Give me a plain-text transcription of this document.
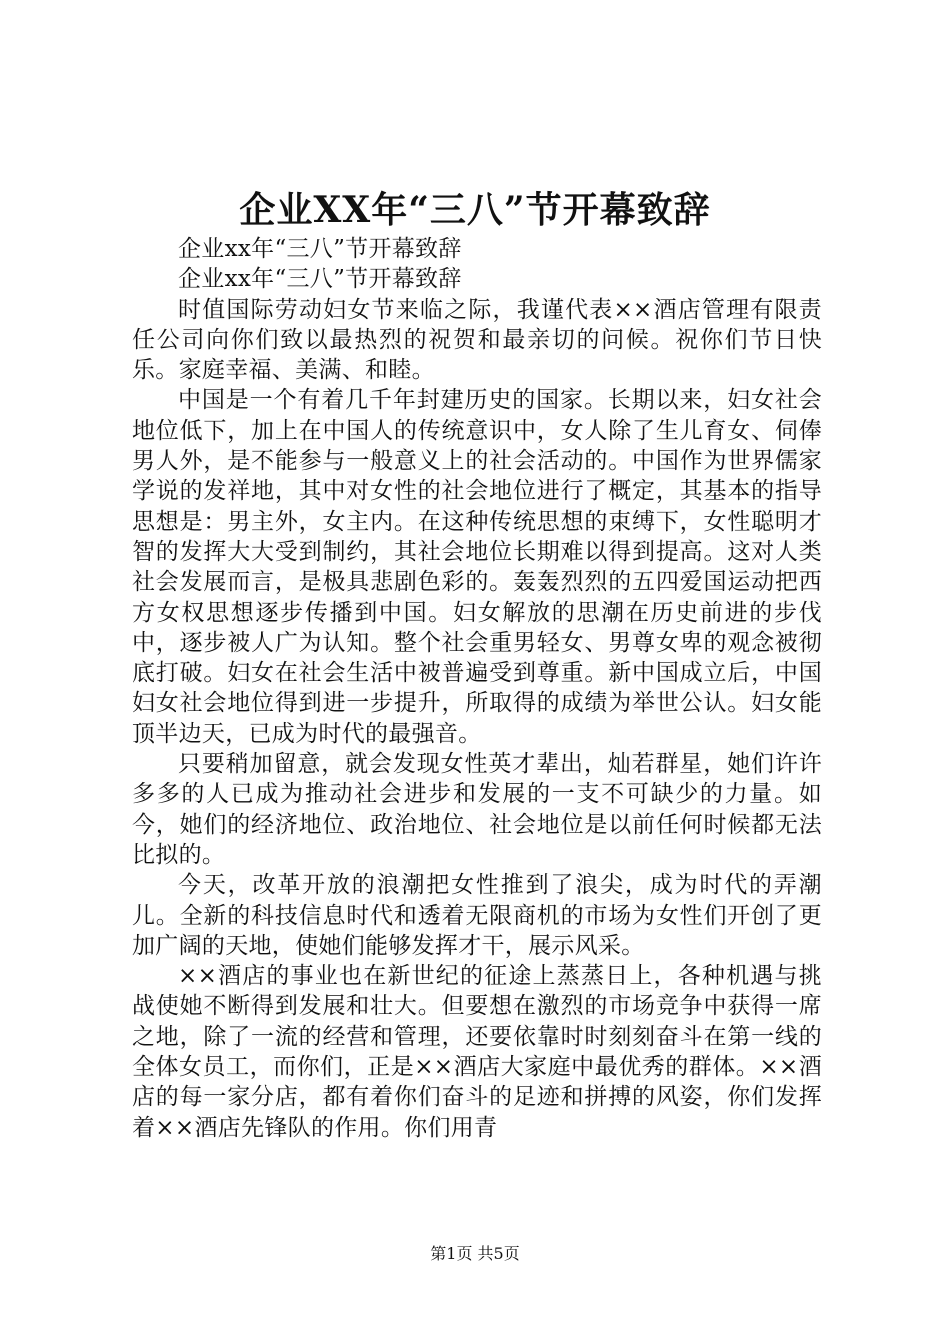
企业XX年“三八”节开幕致辞

企业xx年“三八”节开幕致辞

企业xx年“三八”节开幕致辞

时值国际劳动妇女节来临之际，我谨代表××酒店管理有限责任公司向你们致以最热烈的祝贺和最亲切的问候。祝你们节日快乐。家庭幸福、美满、和睦。

中国是一个有着几千年封建历史的国家。长期以来，妇女社会地位低下，加上在中国人的传统意识中，女人除了生儿育女、伺俸男人外，是不能参与一般意义上的社会活动的。中国作为世界儒家学说的发祥地，其中对女性的社会地位进行了概定，其基本的指导思想是：男主外，女主内。在这种传统思想的束缚下，女性聪明才智的发挥大大受到制约，其社会地位长期难以得到提高。这对人类社会发展而言，是极具悲剧色彩的。轰轰烈烈的五四爱国运动把西方女权思想逐步传播到中国。妇女解放的思潮在历史前进的步伐中，逐步被人广为认知。整个社会重男轻女、男尊女卑的观念被彻底打破。妇女在社会生活中被普遍受到尊重。新中国成立后，中国妇女社会地位得到进一步提升，所取得的成绩为举世公认。妇女能顶半边天，已成为时代的最强音。

只要稍加留意，就会发现女性英才辈出，灿若群星，她们许许多多的人已成为推动社会进步和发展的一支不可缺少的力量。如今，她们的经济地位、政治地位、社会地位是以前任何时候都无法比拟的。

今天，改革开放的浪潮把女性推到了浪尖，成为时代的弄潮儿。全新的科技信息时代和透着无限商机的市场为女性们开创了更加广阔的天地，使她们能够发挥才干，展示风采。

××酒店的事业也在新世纪的征途上蒸蒸日上，各种机遇与挑战使她不断得到发展和壮大。但要想在激烈的市场竞争中获得一席之地，除了一流的经营和管理，还要依靠时时刻刻奋斗在第一线的全体女员工，而你们，正是××酒店大家庭中最优秀的群体。××酒店的每一家分店，都有着你们奋斗的足迹和拼搏的风姿，你们发挥着××酒店先锋队的作用。你们用青

第1页 共5页
